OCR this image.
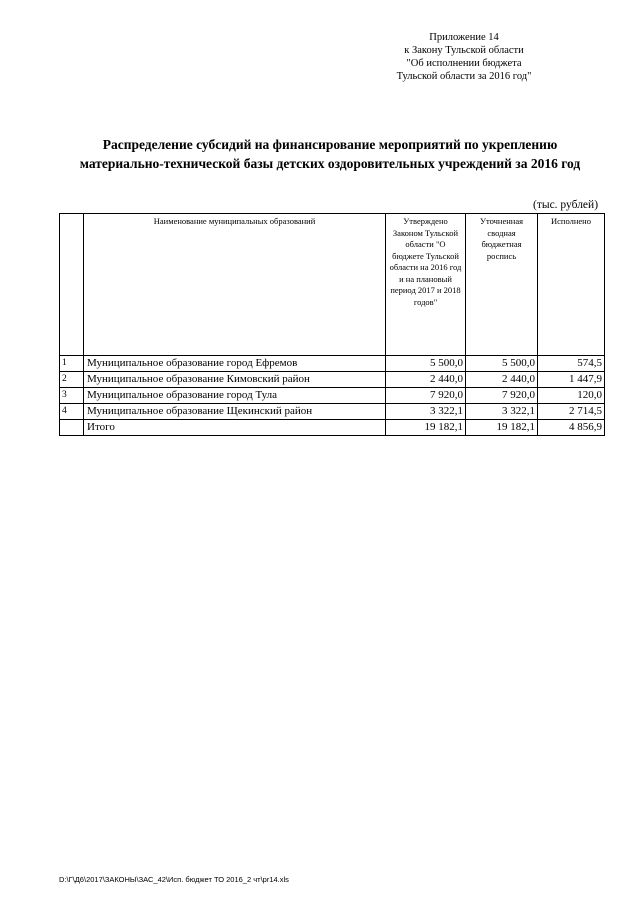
Приложение 14
к Закону Тульской области
"Об исполнении бюджета
Тульской области за 2016 год"
Распределение субсидий на финансирование мероприятий по укреплению
материально-технической базы детских оздоровительных учреждений за 2016 год
(тыс. рублей)
	Наименование муниципальных образований	Утверждено Законом Тульской области "О бюджете Тульской области на 2016 год и на плановый период 2017 и 2018 годов"	Уточненная сводная бюджетная роспись	Исполнено
1	Муниципальное образование город Ефремов	5 500,0	5 500,0	574,5
2	Муниципальное образование Кимовский район	2 440,0	2 440,0	1 447,9
3	Муниципальное образование город Тула	7 920,0	7 920,0	120,0
4	Муниципальное образование Щекинский район	3 322,1	3 322,1	2 714,5
	Итого	19 182,1	19 182,1	4 856,9
D:\Г\Д6\2017\ЗАКОНЫ\ЗАС_42\Исп. бюджет ТО 2016_2 чт\pr14.xls
